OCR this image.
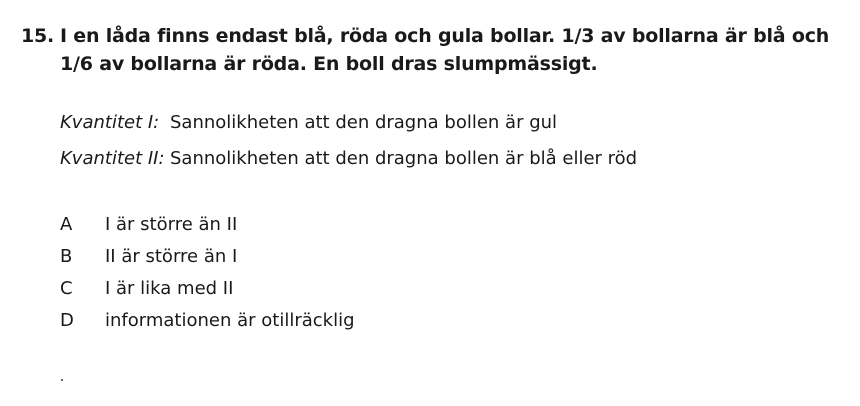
15. I en låda finns endast blå, röda och gula bollar. 1/3 av bollarna är blå och 1/6 av bollarna är röda. En boll dras slumpmässigt.
Kvantitet I: Sannolikheten att den dragna bollen är gul
Kvantitet II: Sannolikheten att den dragna bollen är blå eller röd
A I är större än II
B II är större än I
C I är lika med II
D informationen är otillräcklig
